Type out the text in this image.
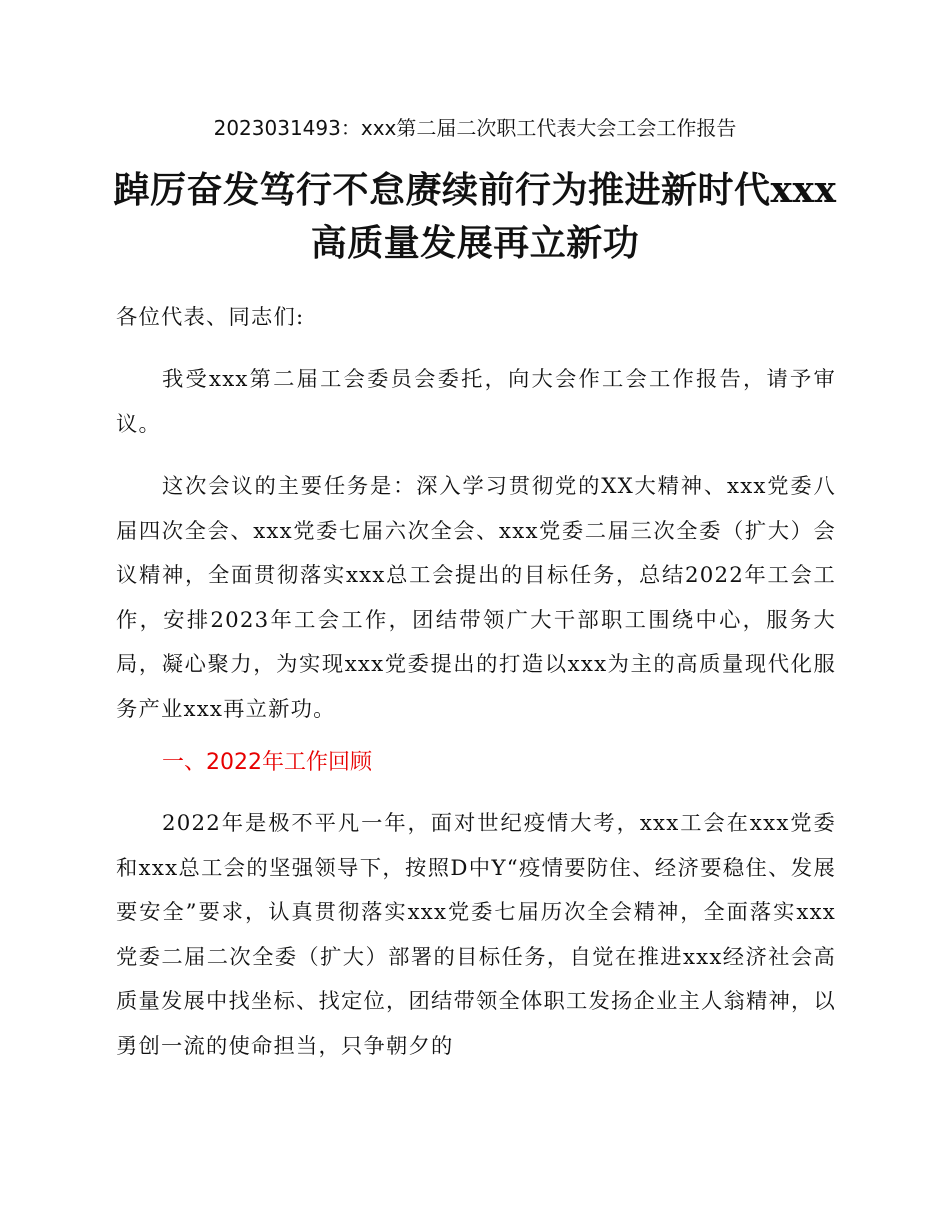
2023031493：xxx第二届二次职工代表大会工会工作报告
踔厉奋发笃行不怠赓续前行为推进新时代xxx高质量发展再立新功

各位代表、同志们:

我受xxx第二届工会委员会委托，向大会作工会工作报告，请予审议。

这次会议的主要任务是：深入学习贯彻党的XX大精神、xxx党委八届四次全会、xxx党委七届六次全会、xxx党委二届三次全委（扩大）会议精神，全面贯彻落实xxx总工会提出的目标任务，总结2022年工会工作，安排2023年工会工作，团结带领广大干部职工围绕中心，服务大局，凝心聚力，为实现xxx党委提出的打造以xxx为主的高质量现代化服务产业xxx再立新功。

一、2022年工作回顾

2022年是极不平凡一年，面对世纪疫情大考，xxx工会在xxx党委和xxx总工会的坚强领导下，按照D中Y“疫情要防住、经济要稳住、发展要安全”要求，认真贯彻落实xxx党委七届历次全会精神，全面落实xxx党委二届二次全委（扩大）部署的目标任务，自觉在推进xxx经济社会高质量发展中找坐标、找定位，团结带领全体职工发扬企业主人翁精神，以勇创一流的使命担当，只争朝夕的
